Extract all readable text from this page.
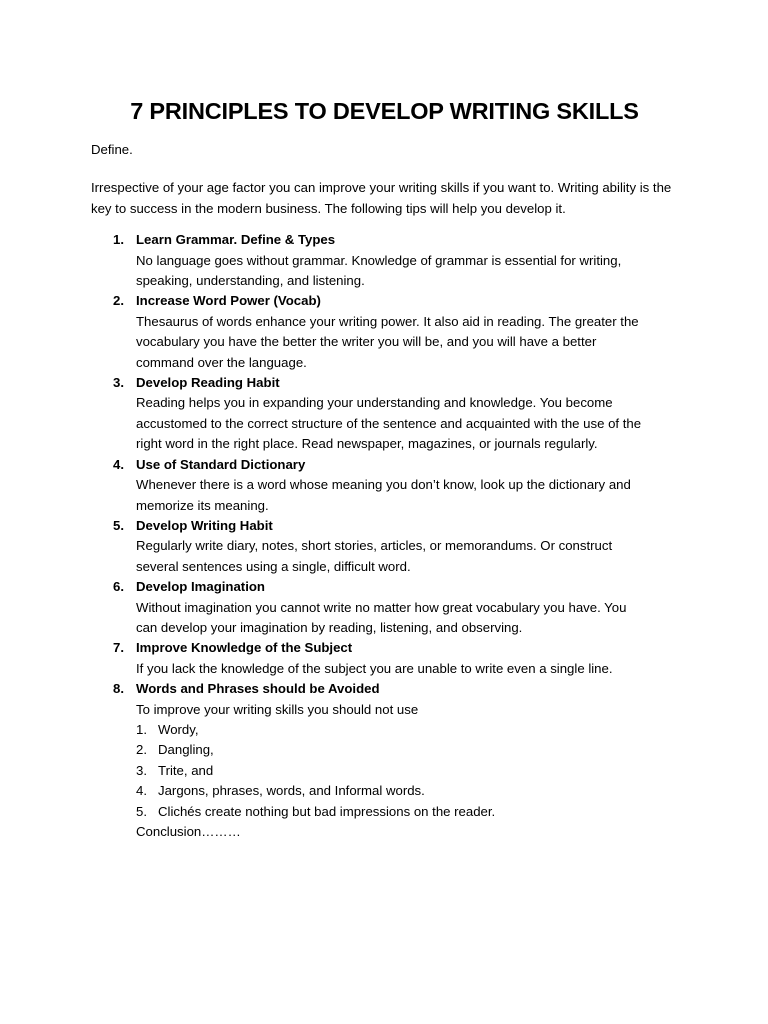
7 PRINCIPLES TO DEVELOP WRITING SKILLS

Define.

Irrespective of your age factor you can improve your writing skills if you want to. Writing ability is the key to success in the modern business. The following tips will help you develop it.

1. Learn Grammar. Define & Types
No language goes without grammar. Knowledge of grammar is essential for writing,
speaking, understanding, and listening.
2. Increase Word Power (Vocab)
Thesaurus of words enhance your writing power. It also aid in reading. The greater the
vocabulary you have the better the writer you will be, and you will have a better
command over the language.
3. Develop Reading Habit
Reading helps you in expanding your understanding and knowledge. You become
accustomed to the correct structure of the sentence and acquainted with the use of the
right word in the right place. Read newspaper, magazines, or journals regularly.
4. Use of Standard Dictionary
Whenever there is a word whose meaning you don’t know, look up the dictionary and
memorize its meaning.
5. Develop Writing Habit
Regularly write diary, notes, short stories, articles, or memorandums. Or construct
several sentences using a single, difficult word.
6. Develop Imagination
Without imagination you cannot write no matter how great vocabulary you have. You
can develop your imagination by reading, listening, and observing.
7. Improve Knowledge of the Subject
If you lack the knowledge of the subject you are unable to write even a single line.
8. Words and Phrases should be Avoided
To improve your writing skills you should not use
1. Wordy,
2. Dangling,
3. Trite, and
4. Jargons, phrases, words, and Informal words.
5. Clichés create nothing but bad impressions on the reader.
Conclusion………
